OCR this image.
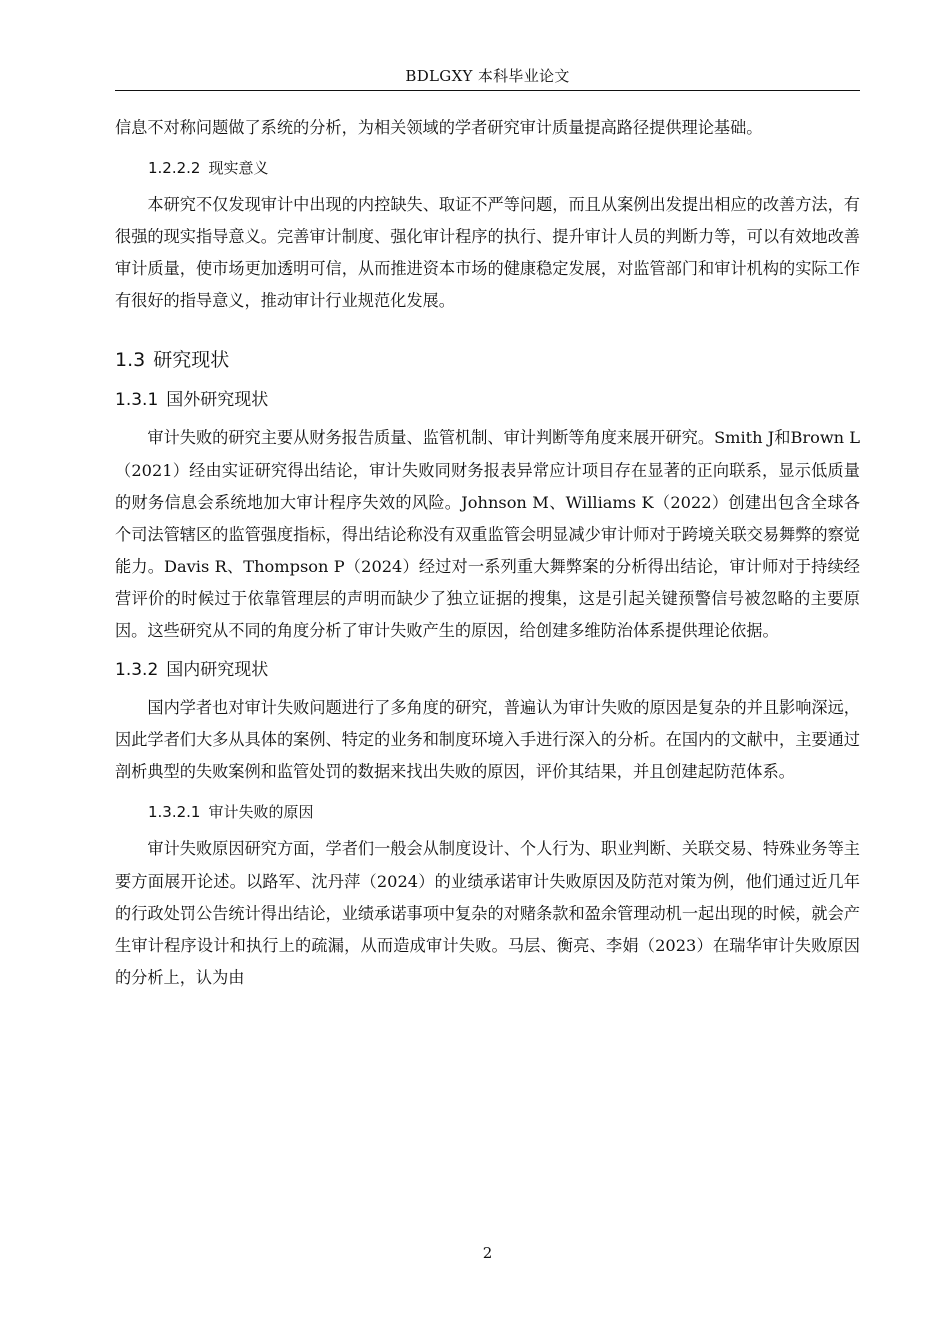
BDLGXY 本科毕业论文

信息不对称问题做了系统的分析，为相关领域的学者研究审计质量提高路径提供理论基础。

1.2.2.2 现实意义

本研究不仅发现审计中出现的内控缺失、取证不严等问题，而且从案例出发提出相应的改善方法，有很强的现实指导意义。完善审计制度、强化审计程序的执行、提升审计人员的判断力等，可以有效地改善审计质量，使市场更加透明可信，从而推进资本市场的健康稳定发展，对监管部门和审计机构的实际工作有很好的指导意义，推动审计行业规范化发展。

1.3 研究现状
1.3.1 国外研究现状

审计失败的研究主要从财务报告质量、监管机制、审计判断等角度来展开研究。Smith J和Brown L（2021）经由实证研究得出结论，审计失败同财务报表异常应计项目存在显著的正向联系，显示低质量的财务信息会系统地加大审计程序失效的风险。Johnson M、Williams K（2022）创建出包含全球各个司法管辖区的监管强度指标，得出结论称没有双重监管会明显减少审计师对于跨境关联交易舞弊的察觉能力。Davis R、Thompson P（2024）经过对一系列重大舞弊案的分析得出结论，审计师对于持续经营评价的时候过于依靠管理层的声明而缺少了独立证据的搜集，这是引起关键预警信号被忽略的主要原因。这些研究从不同的角度分析了审计失败产生的原因，给创建多维防治体系提供理论依据。

1.3.2 国内研究现状

国内学者也对审计失败问题进行了多角度的研究，普遍认为审计失败的原因是复杂的并且影响深远，因此学者们大多从具体的案例、特定的业务和制度环境入手进行深入的分析。在国内的文献中，主要通过剖析典型的失败案例和监管处罚的数据来找出失败的原因，评价其结果，并且创建起防范体系。

1.3.2.1 审计失败的原因

审计失败原因研究方面，学者们一般会从制度设计、个人行为、职业判断、关联交易、特殊业务等主要方面展开论述。以路军、沈丹萍（2024）的业绩承诺审计失败原因及防范对策为例，他们通过近几年的行政处罚公告统计得出结论，业绩承诺事项中复杂的对赌条款和盈余管理动机一起出现的时候，就会产生审计程序设计和执行上的疏漏，从而造成审计失败。马层、衡亮、李娟（2023）在瑞华审计失败原因的分析上，认为由

2
